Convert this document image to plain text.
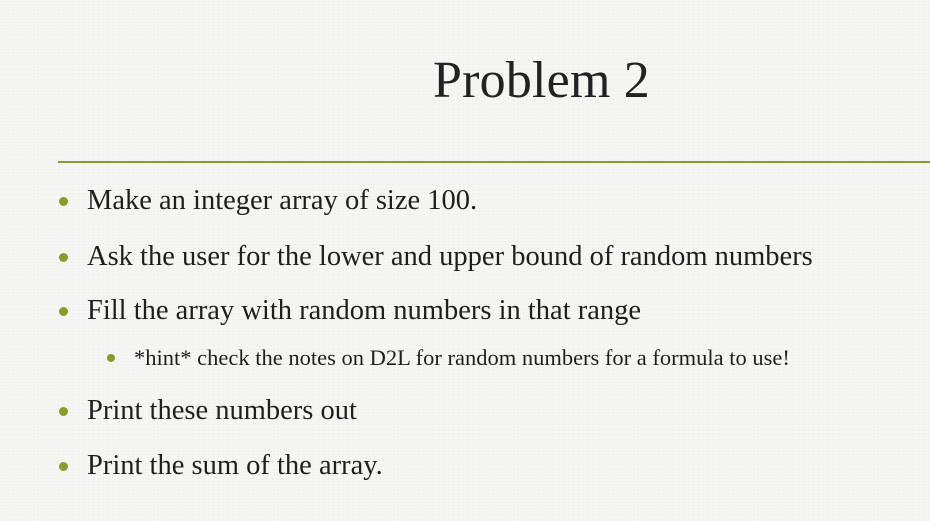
Problem 2
Make an integer array of size 100.
Ask the user for the lower and upper bound of random numbers
Fill the array with random numbers in that range
*hint* check the notes on D2L for random numbers for a formula to use!
Print these numbers out
Print the sum of the array.
